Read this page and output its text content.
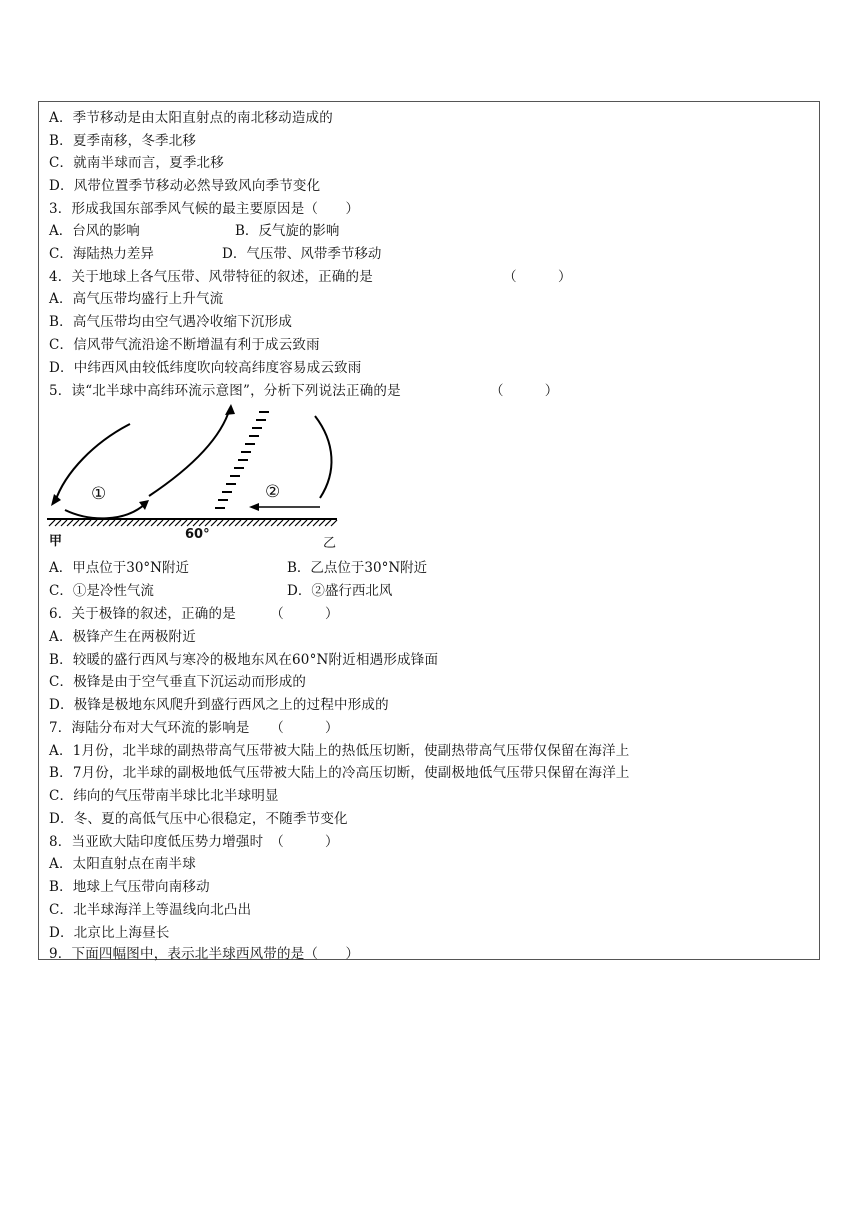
A．季节移动是由太阳直射点的南北移动造成的
B．夏季南移，冬季北移
C．就南半球而言，夏季北移
D．风带位置季节移动必然导致风向季节变化
3．形成我国东部季风气候的最主要原因是（　　）
A．台风的影响	B．反气旋的影响
C．海陆热力差异	D．气压带、风带季节移动
4．关于地球上各气压带、风带特征的叙述，正确的是　　　　　　　　　　（　　　）
A．高气压带均盛行上升气流
B．高气压带均由空气遇冷收缩下沉形成
C．信风带气流沿途不断增温有利于成云致雨
D．中纬西风由较低纬度吹向较高纬度容易成云致雨
5．读“北半球中高纬环流示意图”，分析下列说法正确的是　　　　　　　（　　　）
①	②
甲	60°
乙
A．甲点位于30°N附近	B．乙点位于30°N附近
C．①是冷性气流	D．②盛行西北风
6．关于极锋的叙述，正确的是　　　（　　　）
A．极锋产生在两极附近
B．较暖的盛行西风与寒冷的极地东风在60°N附近相遇形成锋面
C．极锋是由于空气垂直下沉运动而形成的
D．极锋是极地东风爬升到盛行西风之上的过程中形成的
7．海陆分布对大气环流的影响是　　（　　　）
A．1月份，北半球的副热带高气压带被大陆上的热低压切断，使副热带高气压带仅保留在海洋上
B．7月份，北半球的副极地低气压带被大陆上的冷高压切断，使副极地低气压带只保留在海洋上
C．纬向的气压带南半球比北半球明显
D．冬、夏的高低气压中心很稳定，不随季节变化
8．当亚欧大陆印度低压势力增强时　（　　　）
A．太阳直射点在南半球
B．地球上气压带向南移动
C．北半球海洋上等温线向北凸出
D．北京比上海昼长
9．下面四幅图中，表示北半球西风带的是（　　）
